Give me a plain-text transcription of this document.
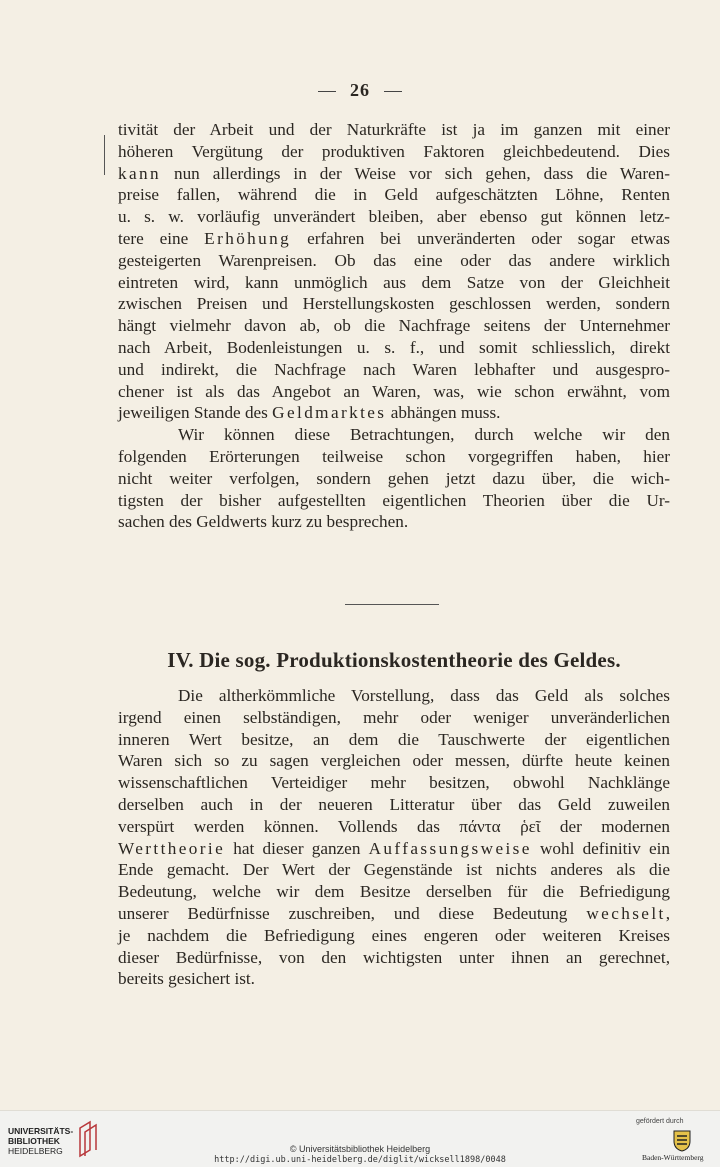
26
tivität der Arbeit und der Naturkräfte ist ja im ganzen mit einer
höheren Vergütung der produktiven Faktoren gleichbedeutend. Dies
kann nun allerdings in der Weise vor sich gehen, dass die Waren-
preise fallen, während die in Geld aufgeschätzten Löhne, Renten
u. s. w. vorläufig unverändert bleiben, aber ebenso gut können letz-
tere eine Erhöhung erfahren bei unveränderten oder sogar etwas
gesteigerten Warenpreisen. Ob das eine oder das andere wirklich
eintreten wird, kann unmöglich aus dem Satze von der Gleichheit
zwischen Preisen und Herstellungskosten geschlossen werden, sondern
hängt vielmehr davon ab, ob die Nachfrage seitens der Unternehmer
nach Arbeit, Bodenleistungen u. s. f., und somit schliesslich, direkt
und indirekt, die Nachfrage nach Waren lebhafter und ausgespro-
chener ist als das Angebot an Waren, was, wie schon erwähnt, vom
jeweiligen Stande des Geldmarktes abhängen muss.
Wir können diese Betrachtungen, durch welche wir den
folgenden Erörterungen teilweise schon vorgegriffen haben, hier
nicht weiter verfolgen, sondern gehen jetzt dazu über, die wich-
tigsten der bisher aufgestellten eigentlichen Theorien über die Ur-
sachen des Geldwerts kurz zu besprechen.
IV. Die sog. Produktionskostentheorie des Geldes.
Die altherkömmliche Vorstellung, dass das Geld als solches
irgend einen selbständigen, mehr oder weniger unveränderlichen
inneren Wert besitze, an dem die Tauschwerte der eigentlichen
Waren sich so zu sagen vergleichen oder messen, dürfte heute keinen
wissenschaftlichen Verteidiger mehr besitzen, obwohl Nachklänge
derselben auch in der neueren Litteratur über das Geld zuweilen
verspürt werden können. Vollends das πάντα ῥεῖ der modernen
Werttheorie hat dieser ganzen Auffassungsweise wohl definitiv ein
Ende gemacht. Der Wert der Gegenstände ist nichts anderes als die
Bedeutung, welche wir dem Besitze derselben für die Befriedigung
unserer Bedürfnisse zuschreiben, und diese Bedeutung wechselt,
je nachdem die Befriedigung eines engeren oder weiteren Kreises
dieser Bedürfnisse, von den wichtigsten unter ihnen an gerechnet,
bereits gesichert ist.
UNIVERSITÄTS-
BIBLIOTHEK
HEIDELBERG	© Universitätsbibliothek Heidelberg
http://digi.ub.uni-heidelberg.de/diglit/wicksell1898/0048
gefördert durch
Baden-Württemberg
